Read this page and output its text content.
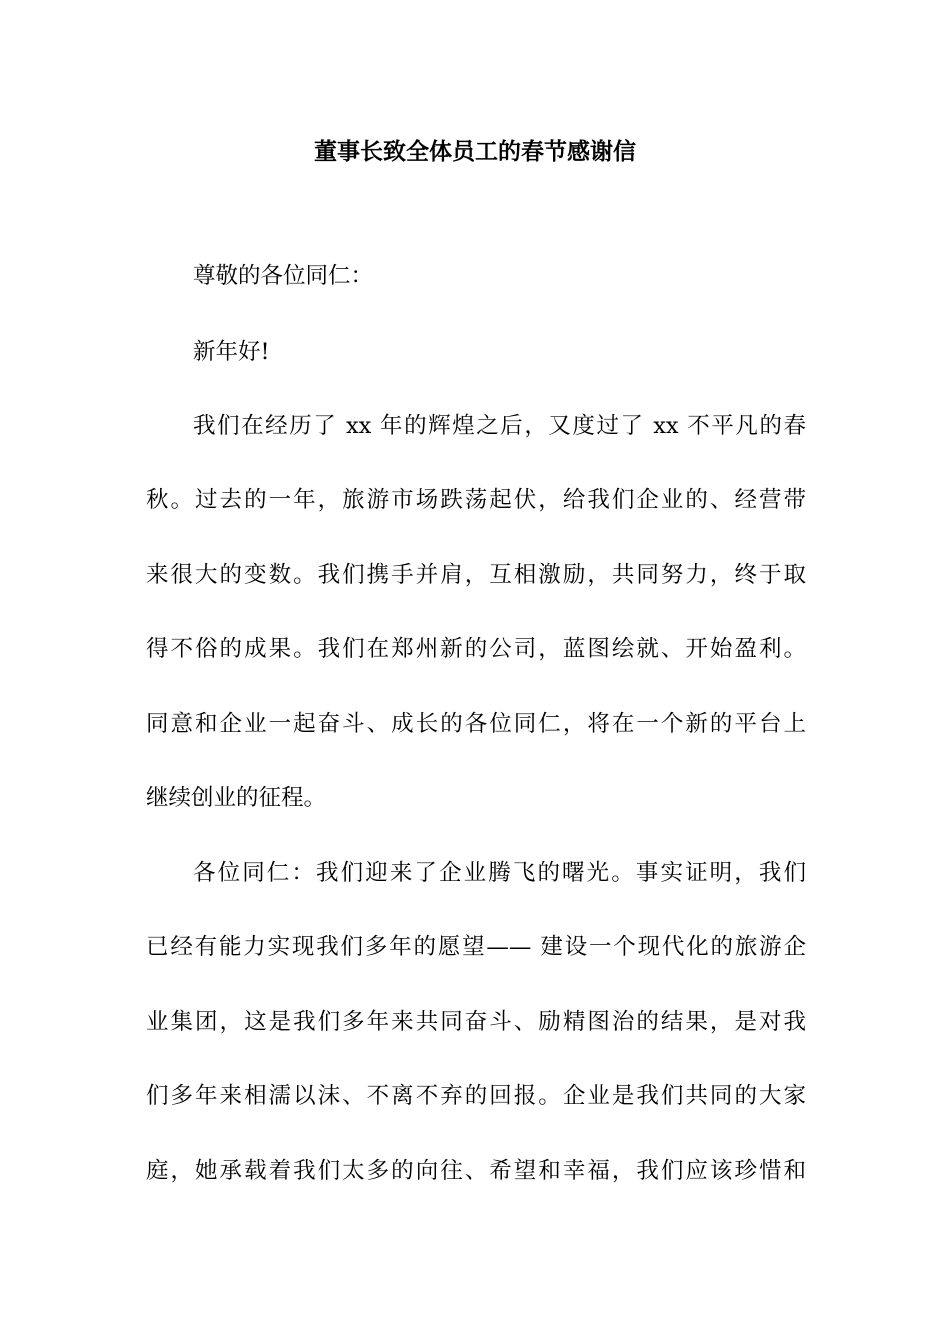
董事长致全体员工的春节感谢信
尊敬的各位同仁：
新年好!
我们在经历了 xx 年的辉煌之后，又度过了 xx 不平凡的春
秋。过去的一年，旅游市场跌荡起伏，给我们企业的、经营带
来很大的变数。我们携手并肩，互相激励，共同努力，终于取
得不俗的成果。我们在郑州新的公司，蓝图绘就、开始盈利。
同意和企业一起奋斗、成长的各位同仁，将在一个新的平台上
继续创业的征程。
各位同仁：我们迎来了企业腾飞的曙光。事实证明，我们
已经有能力实现我们多年的愿望—— 建设一个现代化的旅游企
业集团，这是我们多年来共同奋斗、励精图治的结果，是对我
们多年来相濡以沫、不离不弃的回报。企业是我们共同的大家
庭，她承载着我们太多的向往、希望和幸福，我们应该珍惜和
